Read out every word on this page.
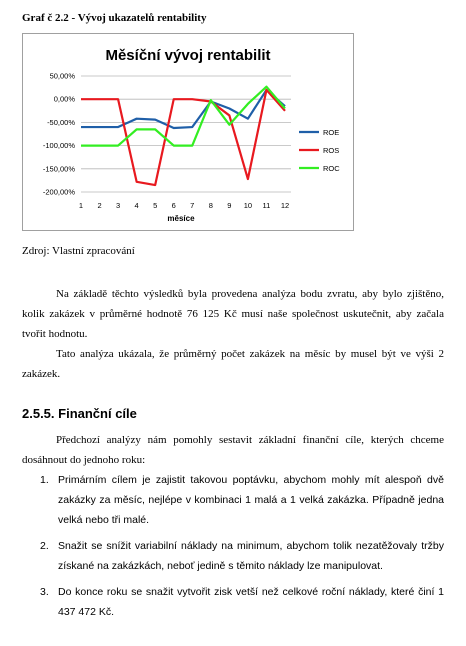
Graf č 2.2 - Vývoj ukazatelů rentability
Měsíční vývoj rentabilit
50,00%
0,00%
-50,00%
-100,00%
-150,00%
-200,00%
1 2 3 4 5 6 7 8 9 10 11 12
ROE
ROS
ROC
měsíce
Zdroj: Vlastní zpracování

Na základě těchto výsledků byla provedena analýza bodu zvratu, aby bylo zjištěno, kolik zakázek v průměrné hodnotě 76 125 Kč musí naše společnost uskutečnit, aby začala tvořit hodnotu.

Tato analýza ukázala, že průměrný počet zakázek na měsíc by musel být ve výši 2 zakázek.

2.5.5. Finanční cíle

Předchozí analýzy nám pomohly sestavit základní finanční cíle, kterých chceme dosáhnout do jednoho roku:

1. Primárním cílem je zajistit takovou poptávku, abychom mohly mít alespoň dvě zakázky za měsíc, nejlépe v kombinaci 1 malá a 1 velká zakázka. Případně jedna velká nebo tři malé.
2. Snažit se snížit variabilní náklady na minimum, abychom tolik nezatěžovaly tržby získané na zakázkách, neboť jedině s těmito náklady lze manipulovat.
3. Do konce roku se snažit vytvořit zisk vetší než celkové roční náklady, které činí 1 437 472 Kč.
